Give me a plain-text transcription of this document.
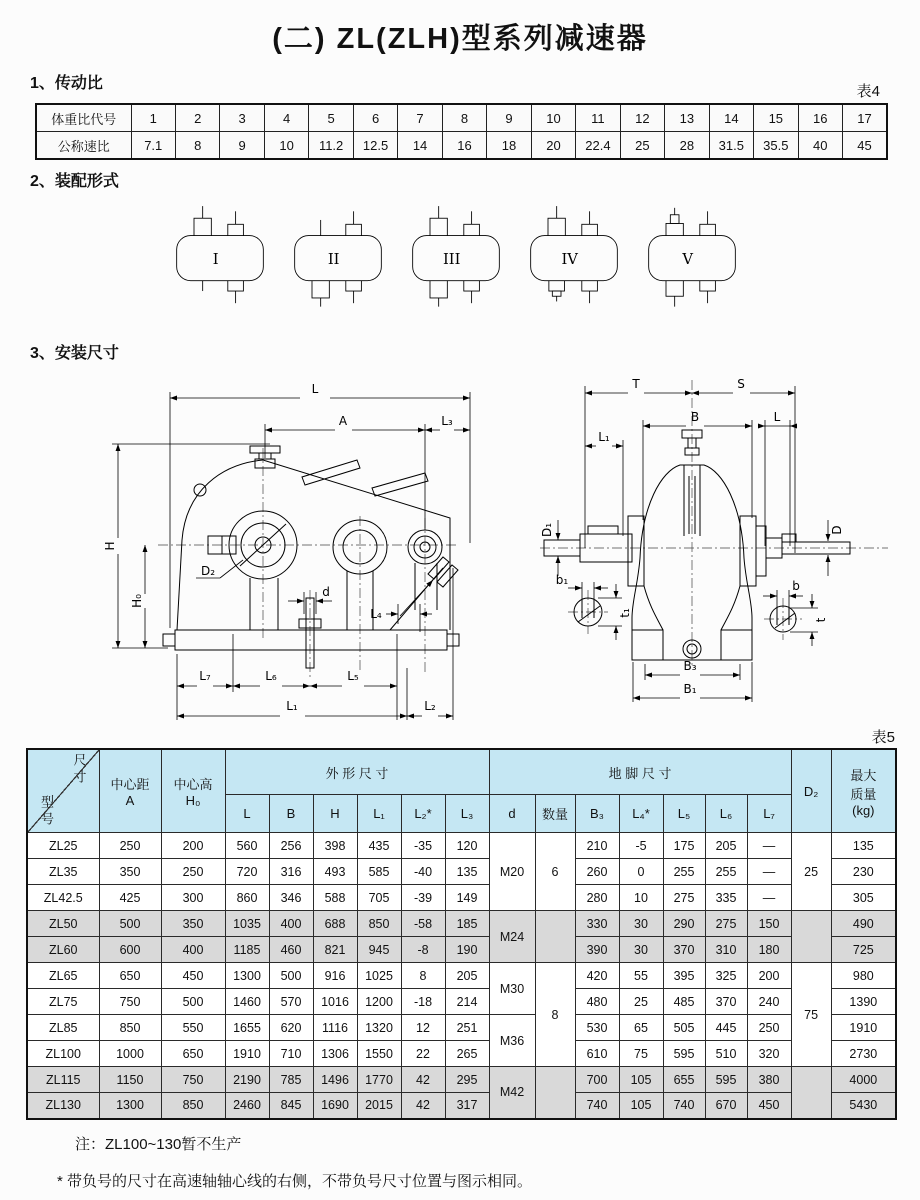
(二) ZL(ZLH)型系列减速器
1、传动比	表4
体重比代号	1	2	3	4	5	6	7	8	9	10	11	12	13	14	15	16	17
公称速比	7.1	8	9	10	11.2	12.5	14	16	18	20	22.4	25	28	31.5	35.5	40	45
2、装配形式
I	II	III	IV	V
3、安装尺寸
L
A	L₃
H
H₀
D₂
d
L₄
L₇	L₆	L₅
L₁	L₂
T	S
B	L
L₁
D₁	D
b₁
t₁
b
t
B₃
B₁
表5
尺寸
型号

中心距
A

中心高
H₀
	外 形 尺 寸	地 脚 尺 寸	D₂	
最大
质量
(kg)

			L	B	H	L₁	L₂*	L₃	d	数量	B₃	L₄*	L₅	L₆	L₇		
ZL25	250	200	560	256	398	435	-35	120	M20	6	210	-5	175	205	—	25	135
ZL35	350	250	720	316	493	585	-40	135			260	0	255	255	—		230
ZL42.5	425	300	860	346	588	705	-39	149			280	10	275	335	—		305
ZL50	500	350	1035	400	688	850	-58	185	M24		330	30	290	275	150		490
ZL60	600	400	1185	460	821	945	-8	190			390	30	370	310	180		725
ZL65	650	450	1300	500	916	1025	8	205	M30	8	420	55	395	325	200	75	980
ZL75	750	500	1460	570	1016	1200	-18	214			480	25	485	370	240		1390
ZL85	850	550	1655	620	1116	1320	12	251	M36		530	65	505	445	250		1910
ZL100	1000	650	1910	710	1306	1550	22	265			610	75	595	510	320		2730
ZL115	1150	750	2190	785	1496	1770	42	295	M42		700	105	655	595	380		4000
ZL130	1300	850	2460	845	1690	2015	42	317			740	105	740	670	450		5430
注：ZL100~130暂不生产
* 带负号的尺寸在高速轴轴心线的右侧，不带负号尺寸位置与图示相同。
